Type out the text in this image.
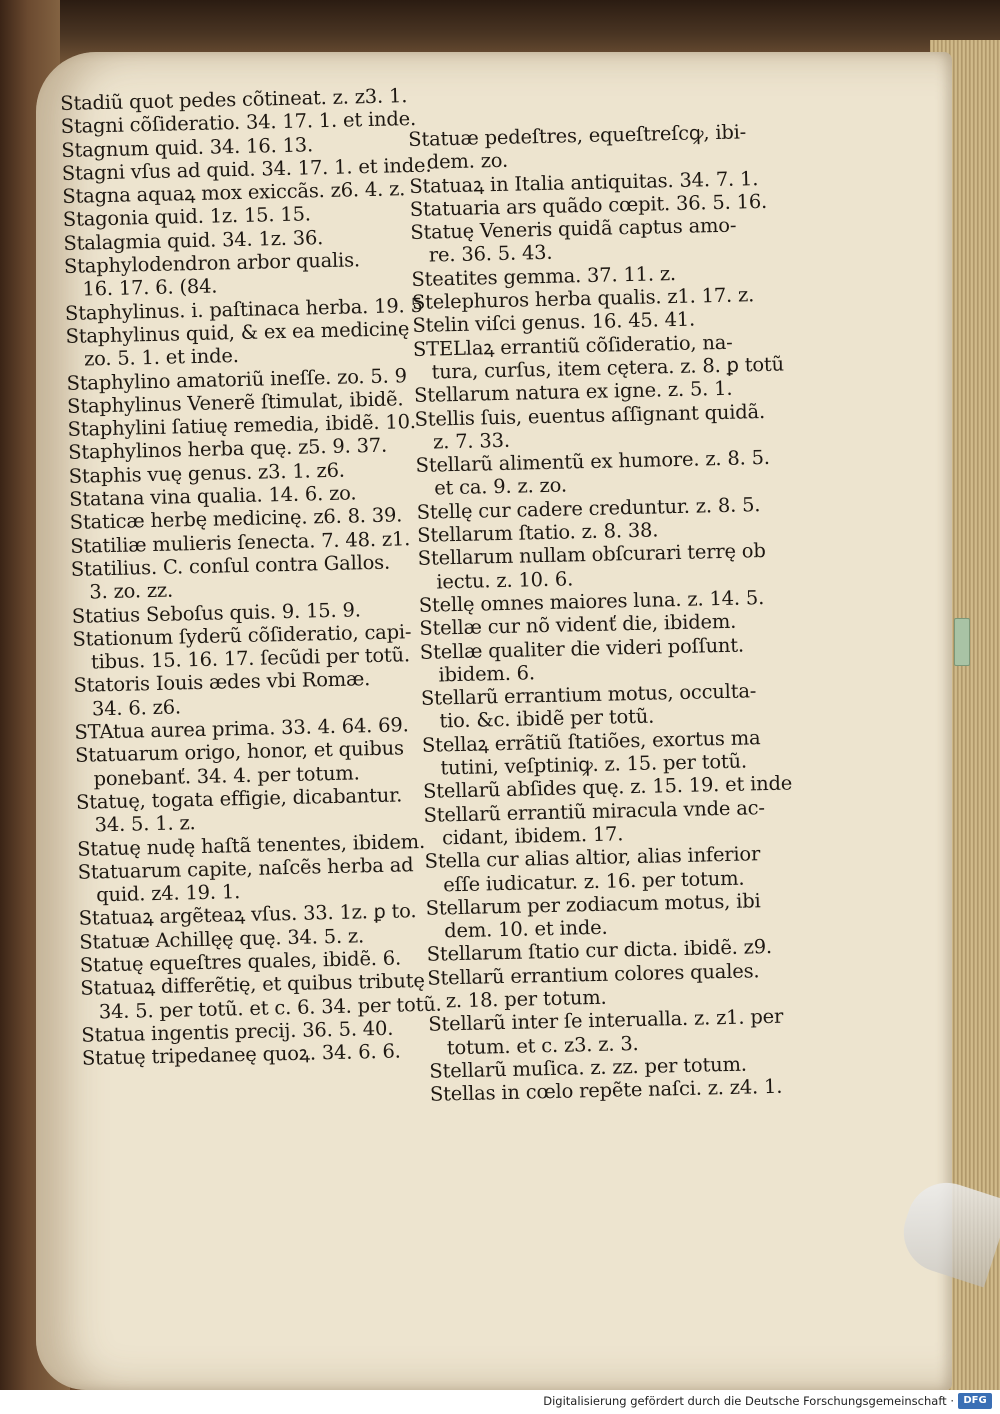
Stadiũ quot pedes cõtineat. z. z3. 1.
Stagni cõſideratio. 34. 17. 1. et inde.
Stagnum quid. 34. 16. 13.
Stagni vſus ad quid. 34. 17. 1. et inde.
Stagna aquaꝝ mox exiccãs. z6. 4. z.
Stagonia quid. 1z. 15. 15.
Stalagmia quid. 34. 1z. 36.
Staphylodendron arbor qualis.
16. 17. 6. (84.
Staphylinus. i. paſtinaca herba. 19. 5
Staphylinus quid, & ex ea medicinę
zo. 5. 1. et inde.
Staphylino amatoriũ ineſſe. zo. 5. 9
Staphylinus Venerẽ ſtimulat, ibidẽ.
Staphylini ſatiuę remedia, ibidẽ. 10.
Staphylinos herba quę. z5. 9. 37.
Staphis vuę genus. z3. 1. z6.
Statana vina qualia. 14. 6. zo.
Staticæ herbę medicinę. z6. 8. 39.
Statiliæ mulieris ſenecta. 7. 48. z1.
Statilius. C. conſul contra Gallos.
3. zo. zz.
Statius Seboſus quis. 9. 15. 9.
Stationum ſyderũ cõſideratio, capi-
tibus. 15. 16. 17. ſecũdi per totũ.
Statoris Iouis ædes vbi Romæ.
34. 6. z6.
STAtua aurea prima. 33. 4. 64. 69.
Statuarum origo, honor, et quibus
ponebanť. 34. 4. per totum.
Statuę, togata effigie, dicabantur.
34. 5. 1. z.
Statuę nudę haſtã tenentes, ibidem.
Statuarum capite, naſcẽs herba ad
quid. z4. 19. 1.
Statuaꝝ argẽteaꝝ vſus. 33. 1z. ꝑ to.
Statuæ Achillęę quę. 34. 5. z.
Statuę equeſtres quales, ibidẽ. 6.
Statuaꝝ differẽtię, et quibus tributę
34. 5. per totũ. et c. 6. 34. per totũ.
Statua ingentis precij. 36. 5. 40.
Statuę tripedaneę quoꝝ. 34. 6. 6.
Statuæ pedeſtres, equeſtreſcꝙ, ibi-
dem. zo.
Statuaꝝ in Italia antiquitas. 34. 7. 1.
Statuaria ars quãdo cœpit. 36. 5. 16.
Statuę Veneris quidã captus amo-
re. 36. 5. 43.
Steatites gemma. 37. 11. z.
Stelephuros herba qualis. z1. 17. z.
Stelin viſci genus. 16. 45. 41.
STELlaꝝ errantiũ cõſideratio, na-
tura, curſus, item cętera. z. 8. ꝑ totũ
Stellarum natura ex igne. z. 5. 1.
Stellis ſuis, euentus aſſignant quidã.
z. 7. 33.
Stellarũ alimentũ ex humore. z. 8. 5.
et ca. 9. z. zo.
Stellę cur cadere creduntur. z. 8. 5.
Stellarum ſtatio. z. 8. 38.
Stellarum nullam obſcurari terrę ob
iectu. z. 10. 6.
Stellę omnes maiores luna. z. 14. 5.
Stellæ cur nõ videnť die, ibidem.
Stellæ qualiter die videri poſſunt.
ibidem. 6.
Stellarũ errantium motus, occulta-
tio. &c. ibidẽ per totũ.
Stellaꝝ errãtiũ ſtatiões, exortus ma
tutini, veſptiniꝙ. z. 15. per totũ.
Stellarũ abſides quę. z. 15. 19. et inde
Stellarũ errantiũ miracula vnde ac-
cidant, ibidem. 17.
Stella cur alias altior, alias inferior
eſſe iudicatur. z. 16. per totum.
Stellarum per zodiacum motus, ibi
dem. 10. et inde.
Stellarum ſtatio cur dicta. ibidẽ. z9.
Stellarũ errantium colores quales.
z. 18. per totum.
Stellarũ inter ſe interualla. z. z1. per
totum. et c. z3. z. 3.
Stellarũ muſica. z. zz. per totum.
Stellas in cœlo repẽte naſci. z. z4. 1.
Digitalisierung gefördert durch die Deutsche Forschungsgemeinschaft · DFG
